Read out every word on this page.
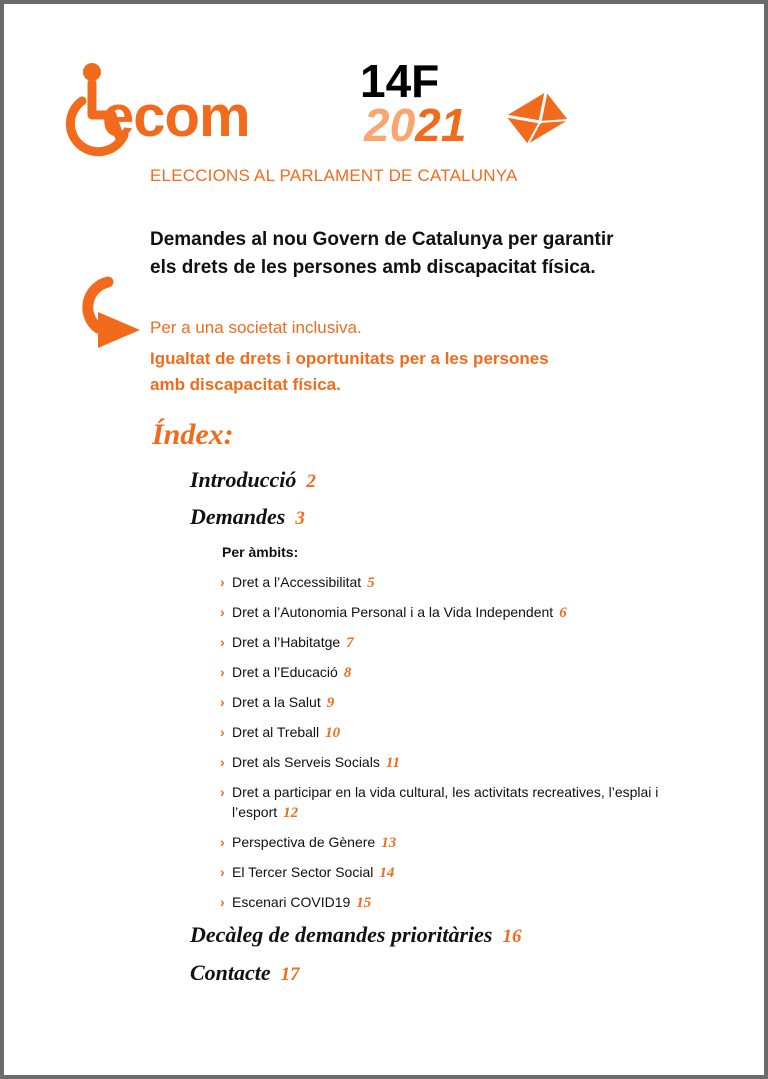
ecom
14F
2021
ELECCIONS AL PARLAMENT DE CATALUNYA
Demandes al nou Govern de Catalunya per garantir els drets de les persones amb discapacitat física.
Per a una societat inclusiva.
Igualtat de drets i oportunitats per a les persones amb discapacitat física.
Índex:
Introducció 2
Demandes 3
Per àmbits:
› Dret a l’Accessibilitat 5
› Dret a l’Autonomia Personal i a la Vida Independent 6
› Dret a l’Habitatge 7
› Dret a l’Educació 8
› Dret a la Salut 9
› Dret al Treball 10
› Dret als Serveis Socials 11
› Dret a participar en la vida cultural, les activitats recreatives, l’esplai i l’esport 12
› Perspectiva de Gènere 13
› El Tercer Sector Social 14
› Escenari COVID19 15
Decàleg de demandes prioritàries 16
Contacte 17
